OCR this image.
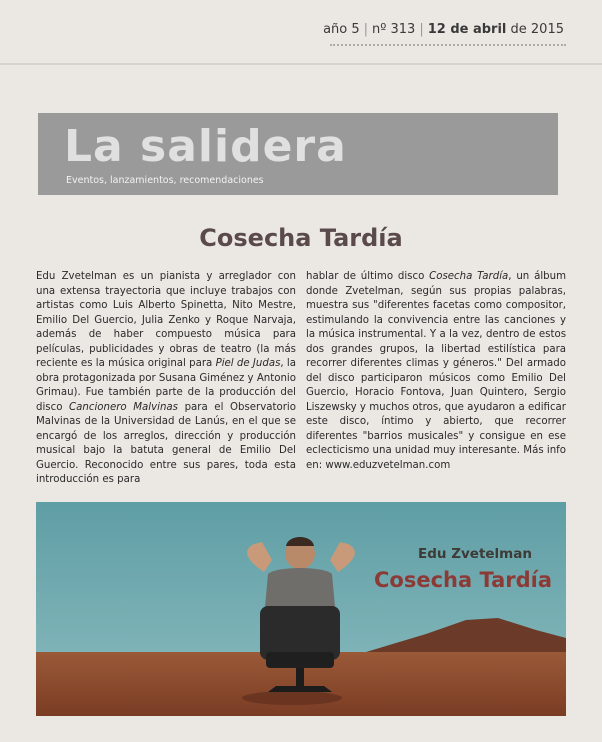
año 5 | nº 313 | 12 de abril de 2015
La salidera
Eventos, lanzamientos, recomendaciones
Cosecha Tardía

Edu Zvetelman es un pianista y arreglador con una extensa trayectoria que incluye trabajos con artistas como Luis Alberto Spinetta, Nito Mestre, Emilio Del Guercio, Julia Zenko y Roque Narvaja, además de haber compuesto música para películas, publicidades y obras de teatro (la más reciente es la música original para Piel de Judas, la obra protagonizada por Susana Giménez y Antonio Grimau). Fue también parte de la producción del disco Cancionero Malvinas para el Observatorio Malvinas de la Universidad de Lanús, en el que se encargó de los arreglos, dirección y producción musical bajo la batuta general de Emilio Del Guercio. Reconocido entre sus pares, toda esta introducción es para

hablar de último disco Cosecha Tardía, un álbum donde Zvetelman, según sus propias palabras, muestra sus "diferentes facetas como compositor, estimulando la convivencia entre las canciones y la música instrumental. Y a la vez, dentro de estos dos grandes grupos, la libertad estilística para recorrer diferentes climas y géneros." Del armado del disco participaron músicos como Emilio Del Guercio, Horacio Fontova, Juan Quintero, Sergio Liszewsky y muchos otros, que ayudaron a edificar este disco, íntimo y abierto, que recorrer diferentes "barrios musicales" y consigue en ese eclecticismo una unidad muy interesante. Más info en: www.eduzvetelman.com

Edu Zvetelman
Cosecha Tardía
